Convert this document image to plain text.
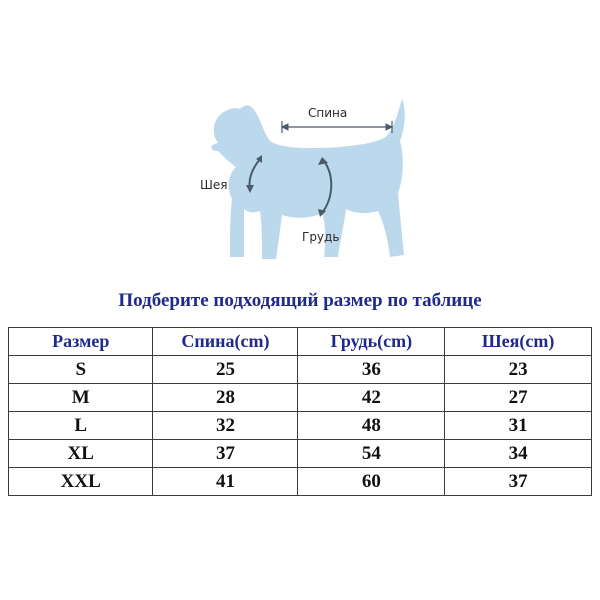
Спина
Шея
Грудь
Подберите подходящий размер по таблице
Размер	Спина(cm)	Грудь(cm)	Шея(cm)
S	25	36	23
M	28	42	27
L	32	48	31
XL	37	54	34
XXL	41	60	37
